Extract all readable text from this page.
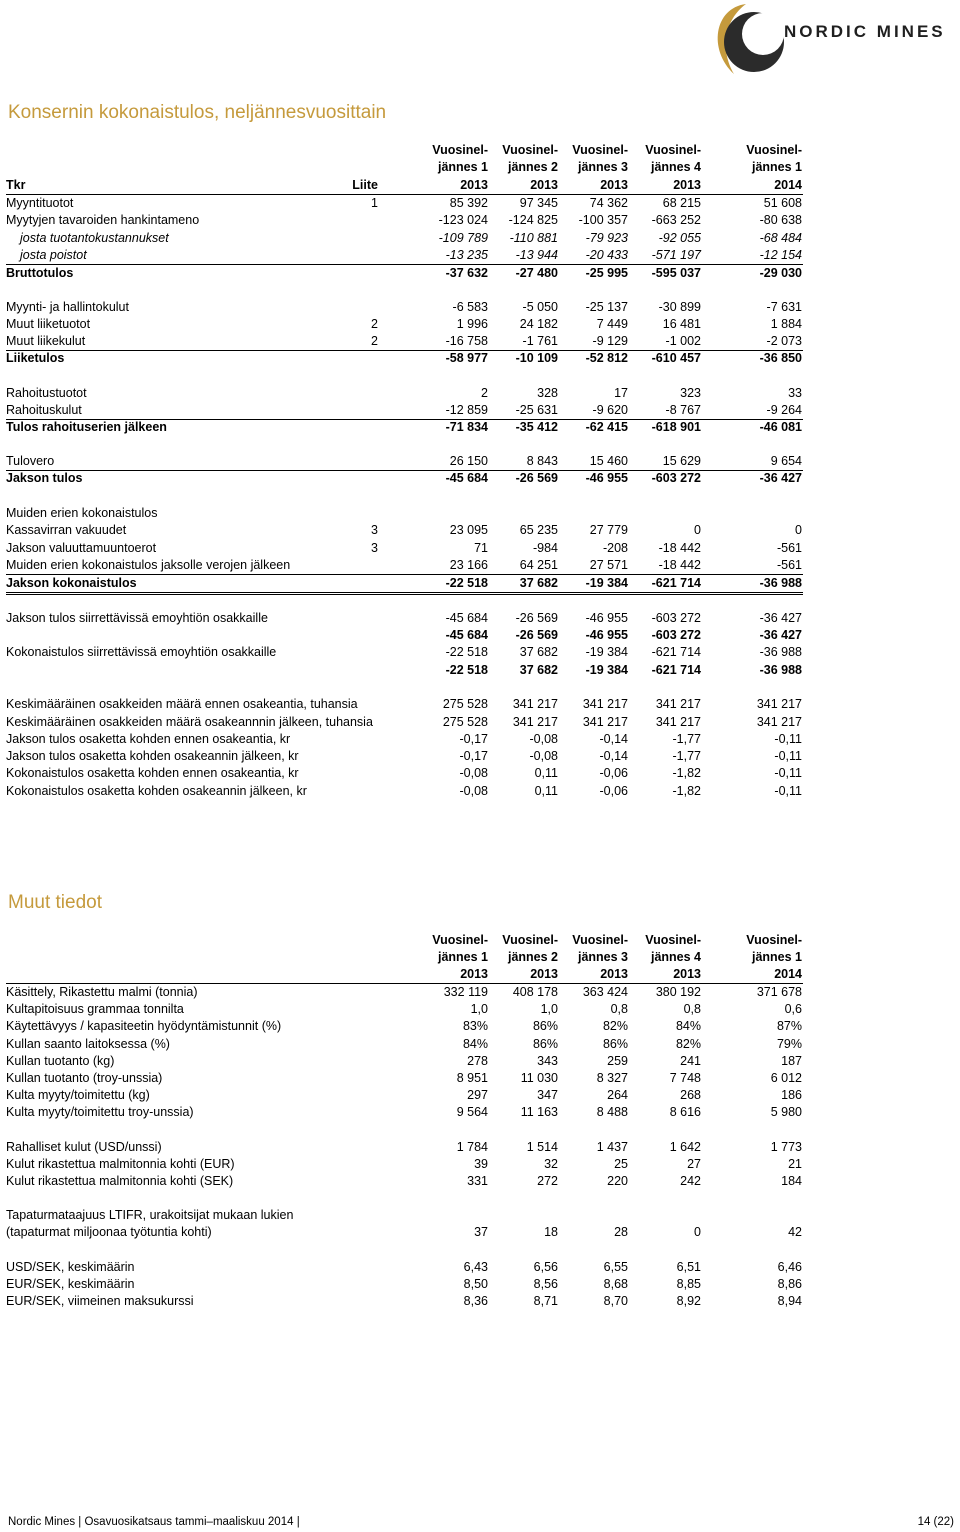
NORDIC MINES
Konsernin kokonaistulos, neljännesvuosittain
Vuosinel-	Vuosinel-	Vuosinel-	Vuosinel-	Vuosinel-
jännes 1	jännes 2	jännes 3	jännes 4	jännes 1
Tkr	Liite	2013	2013	2013	2013	2014
Myyntituotot	1	85 392	97 345	74 362	68 215	51 608
Myytyjen tavaroiden hankintameno	-123 024	-124 825	-100 357	-663 252	-80 638
josta tuotantokustannukset	-109 789	-110 881	-79 923	-92 055	-68 484
josta poistot	-13 235	-13 944	-20 433	-571 197	-12 154
Bruttotulos	-37 632	-27 480	-25 995	-595 037	-29 030
Myynti- ja hallintokulut	-6 583	-5 050	-25 137	-30 899	-7 631
Muut liiketuotot	2	1 996	24 182	7 449	16 481	1 884
Muut liikekulut	2	-16 758	-1 761	-9 129	-1 002	-2 073
Liiketulos	-58 977	-10 109	-52 812	-610 457	-36 850
Rahoitustuotot	2	328	17	323	33
Rahoituskulut	-12 859	-25 631	-9 620	-8 767	-9 264
Tulos rahoituserien jälkeen	-71 834	-35 412	-62 415	-618 901	-46 081
Tulovero	26 150	8 843	15 460	15 629	9 654
Jakson tulos	-45 684	-26 569	-46 955	-603 272	-36 427
Muiden erien kokonaistulos
Kassavirran vakuudet	3	23 095	65 235	27 779	0	0
Jakson valuuttamuuntoerot	3	71	-984	-208	-18 442	-561
Muiden erien kokonaistulos jaksolle verojen jälkeen	23 166	64 251	27 571	-18 442	-561
Jakson kokonaistulos	-22 518	37 682	-19 384	-621 714	-36 988
Jakson tulos siirrettävissä emoyhtiön osakkaille	-45 684	-26 569	-46 955	-603 272	-36 427
-45 684	-26 569	-46 955	-603 272	-36 427
Kokonaistulos siirrettävissä emoyhtiön osakkaille	-22 518	37 682	-19 384	-621 714	-36 988
-22 518	37 682	-19 384	-621 714	-36 988
Keskimääräinen osakkeiden määrä ennen osakeantia, tuhansia	275 528	341 217	341 217	341 217	341 217
Keskimääräinen osakkeiden määrä osakeannnin jälkeen, tuhansia	275 528	341 217	341 217	341 217	341 217
Jakson tulos osaketta kohden ennen osakeantia, kr	-0,17	-0,08	-0,14	-1,77	-0,11
Jakson tulos osaketta kohden osakeannin jälkeen, kr	-0,17	-0,08	-0,14	-1,77	-0,11
Kokonaistulos osaketta kohden ennen osakeantia, kr	-0,08	0,11	-0,06	-1,82	-0,11
Kokonaistulos osaketta kohden osakeannin jälkeen, kr	-0,08	0,11	-0,06	-1,82	-0,11
Muut tiedot
Vuosinel-	Vuosinel-	Vuosinel-	Vuosinel-	Vuosinel-
jännes 1	jännes 2	jännes 3	jännes 4	jännes 1
2013	2013	2013	2013	2014
Käsittely, Rikastettu malmi (tonnia)	332 119	408 178	363 424	380 192	371 678
Kultapitoisuus grammaa tonnilta	1,0	1,0	0,8	0,8	0,6
Käytettävyys / kapasiteetin hyödyntämistunnit (%)	83%	86%	82%	84%	87%
Kullan saanto laitoksessa (%)	84%	86%	86%	82%	79%
Kullan tuotanto (kg)	278	343	259	241	187
Kullan tuotanto (troy-unssia)	8 951	11 030	8 327	7 748	6 012
Kulta myyty/toimitettu (kg)	297	347	264	268	186
Kulta myyty/toimitettu troy-unssia)	9 564	11 163	8 488	8 616	5 980
Rahalliset kulut (USD/unssi)	1 784	1 514	1 437	1 642	1 773
Kulut rikastettua malmitonnia kohti (EUR)	39	32	25	27	21
Kulut rikastettua malmitonnia kohti (SEK)	331	272	220	242	184
Tapaturmataajuus LTIFR, urakoitsijat mukaan lukien
(tapaturmat miljoonaa työtuntia kohti)	37	18	28	0	42
USD/SEK, keskimäärin	6,43	6,56	6,55	6,51	6,46
EUR/SEK, keskimäärin	8,50	8,56	8,68	8,85	8,86
EUR/SEK, viimeinen maksukurssi	8,36	8,71	8,70	8,92	8,94
Nordic Mines | Osavuosikatsaus tammi–maaliskuu 2014 |	14 (22)
